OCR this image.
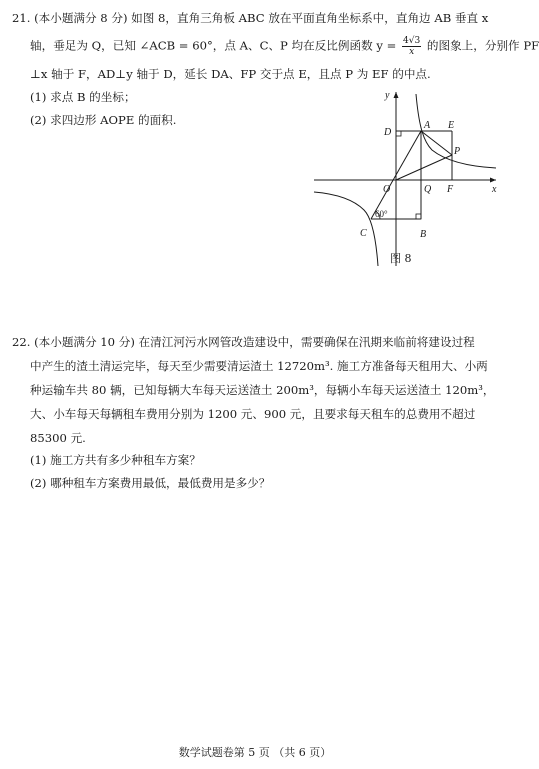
21. (本小题满分 8 分) 如图 8，直角三角板 ABC 放在平面直角坐标系中，直角边 AB 垂直 x
轴，垂足为 Q，已知 ∠ACB = 60°，点 A、C、P 均在反比例函数 $y = \frac{4√3}{x}$ 的图象上，分别作 PF
⊥x 轴于 F，AD⊥y 轴于 D，延长 DA、FP 交于点 E，且点 P 为 EF 的中点.
(1) 求点 B 的坐标；
(2) 求四边形 AOPE 的面积.
y
x
D
A E
P
O	Q F
C	B
60°
图 8
22. (本小题满分 10 分) 在清江河污水网管改造建设中，需要确保在汛期来临前将建设过程
中产生的渣土清运完毕，每天至少需要清运渣土 12720m³. 施工方准备每天租用大、小两
种运输车共 80 辆，已知每辆大车每天运送渣土 200m³，每辆小车每天运送渣土 120m³，
大、小车每天每辆租车费用分别为 1200 元、900 元，且要求每天租车的总费用不超过
85300 元.
(1) 施工方共有多少种租车方案？
(2) 哪种租车方案费用最低，最低费用是多少？
数学试题卷第 5 页 （共 6 页）
